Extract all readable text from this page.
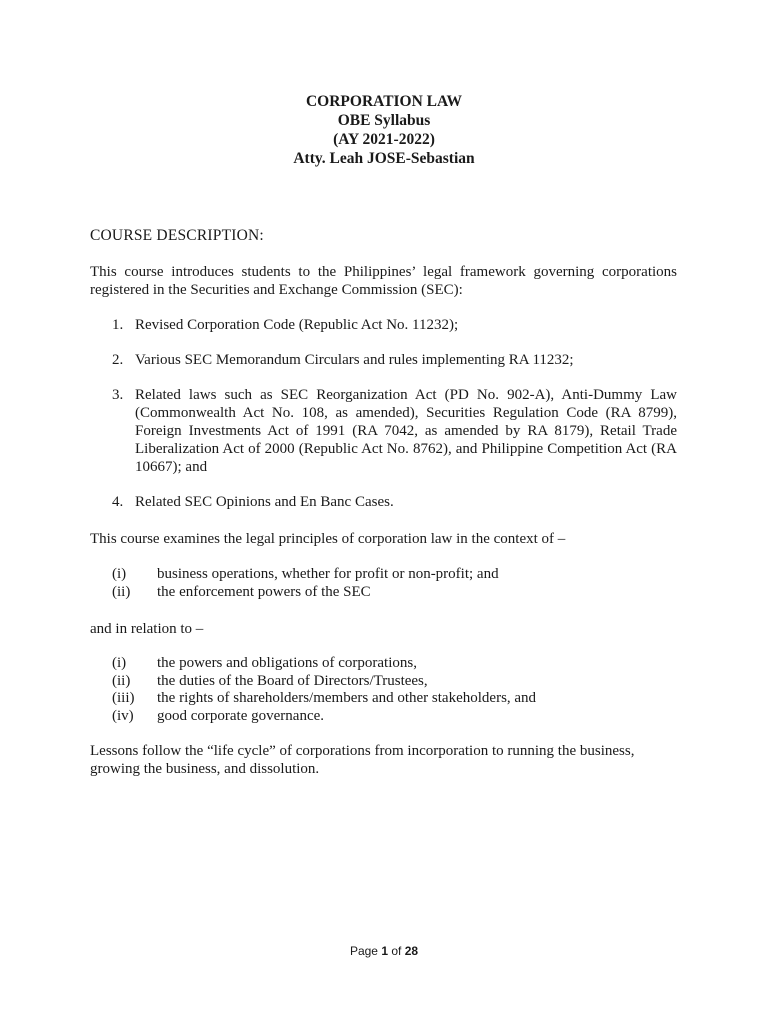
CORPORATION LAW
OBE Syllabus
(AY 2021-2022)
Atty. Leah JOSE-Sebastian
COURSE DESCRIPTION:
This course introduces students to the Philippines’ legal framework governing corporations registered in the Securities and Exchange Commission (SEC):
1. Revised Corporation Code (Republic Act No. 11232);
2. Various SEC Memorandum Circulars and rules implementing RA 11232;
3. Related laws such as SEC Reorganization Act (PD No. 902-A), Anti-Dummy Law (Commonwealth Act No. 108, as amended), Securities Regulation Code (RA 8799), Foreign Investments Act of 1991 (RA 7042, as amended by RA 8179), Retail Trade Liberalization Act of 2000 (Republic Act No. 8762), and Philippine Competition Act (RA 10667); and
4. Related SEC Opinions and En Banc Cases.
This course examines the legal principles of corporation law in the context of –
(i) business operations, whether for profit or non-profit; and
(ii) the enforcement powers of the SEC
and in relation to –
(i) the powers and obligations of corporations,
(ii) the duties of the Board of Directors/Trustees,
(iii) the rights of shareholders/members and other stakeholders, and
(iv) good corporate governance.
Lessons follow the “life cycle” of corporations from incorporation to running the business, growing the business, and dissolution.
Page 1 of 28
